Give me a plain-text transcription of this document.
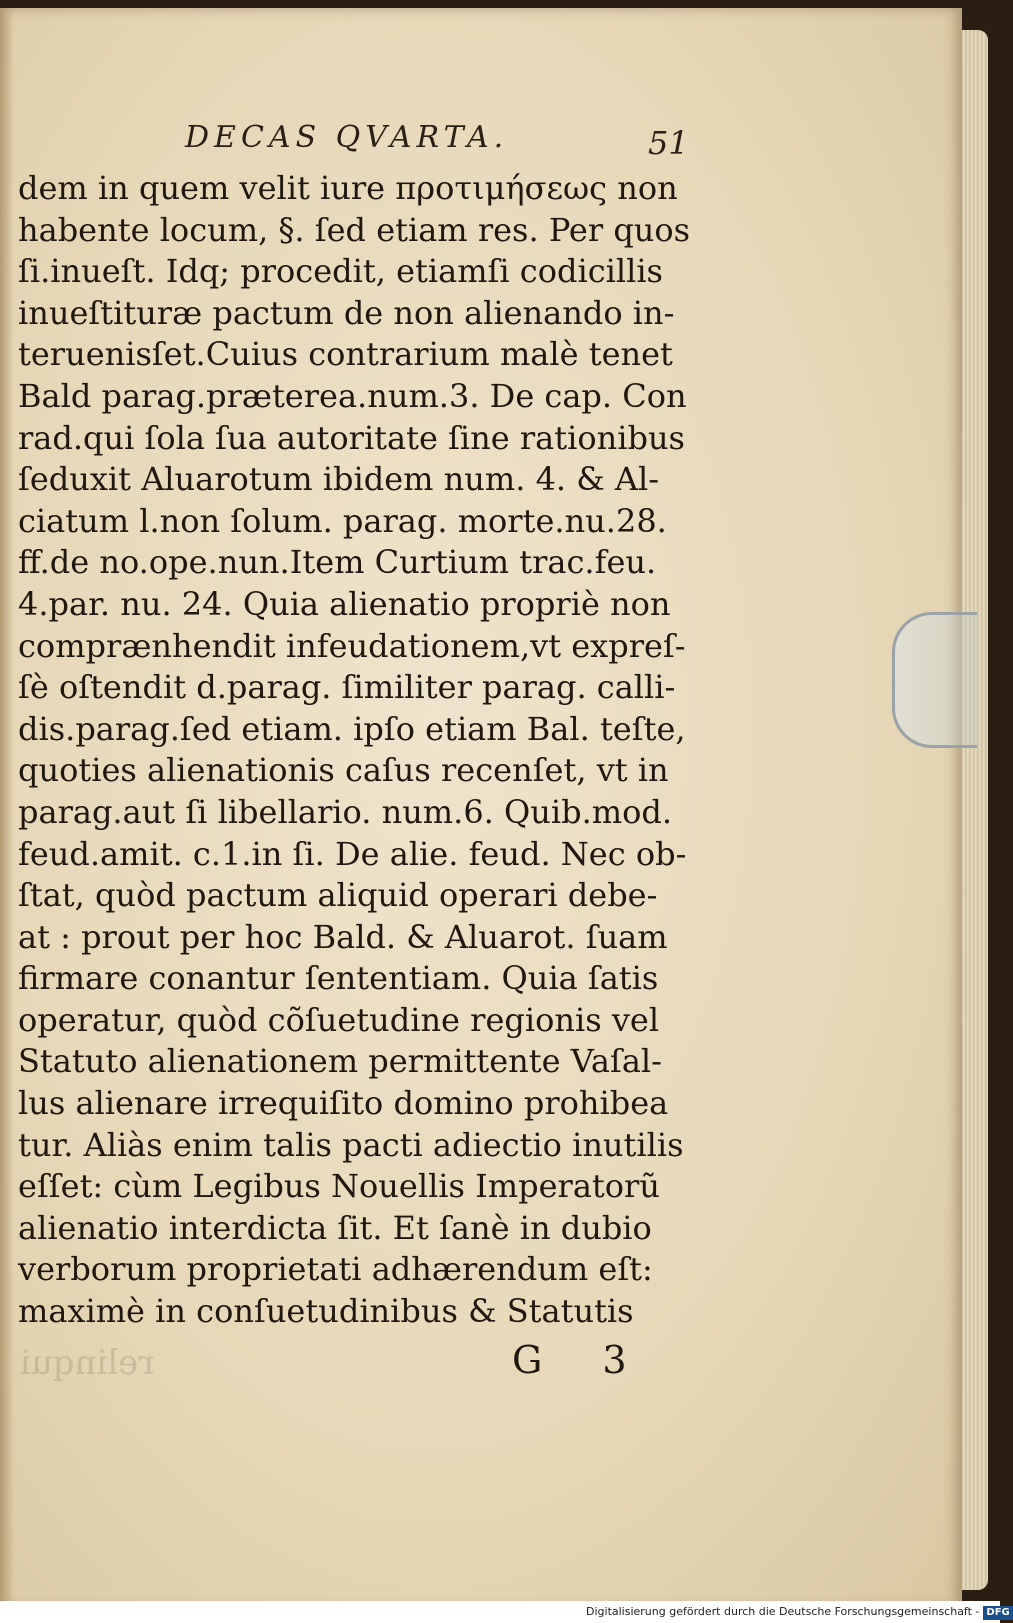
DECAS QVARTA.	51
dem in quem velit iure προτιμήσεως non
habente locum, §. ſed etiam res. Per quos
ſi.inueſt. Idq; procedit, etiamſi codicillis
inueſtituræ pactum de non alienando in-
teruenisſet.Cuius contrarium malè tenet
Bald parag.præterea.num.3. De cap. Con
rad.qui ſola ſua autoritate ſine rationibus
ſeduxit Aluarotum ibidem num. 4. & Al-
ciatum l.non ſolum. parag. morte.nu.28.
ff.de no.ope.nun.Item Curtium trac.feu.
4.par. nu. 24. Quia alienatio propriè non
comprænhendit infeudationem,vt expreſ-
ſè oſtendit d.parag. ſimiliter parag. calli-
dis.parag.ſed etiam. ipſo etiam Bal. teſte,
quoties alienationis caſus recenſet, vt in
parag.aut ſi libellario. num.6. Quib.mod.
feud.amit. c.1.in ſi. De alie. feud. Nec ob-
ſtat, quòd pactum aliquid operari debe-
at : prout per hoc Bald. & Aluarot. ſuam
firmare conantur ſententiam. Quia ſatis
operatur, quòd cõſuetudine regionis vel
Statuto alienationem permittente Vaſal-
lus alienare irrequiſito domino prohibea
tur. Aliàs enim talis pacti adiectio inutilis
eſſet: cùm Legibus Nouellis Imperatorũ
alienatio interdicta ſit. Et ſanè in dubio
verborum proprietati adhærendum eſt:
maximè in conſuetudinibus & Statutis
relinqui	G 3
Digitalisierung gefördert durch die Deutsche Forschungsgemeinschaft - DFG
